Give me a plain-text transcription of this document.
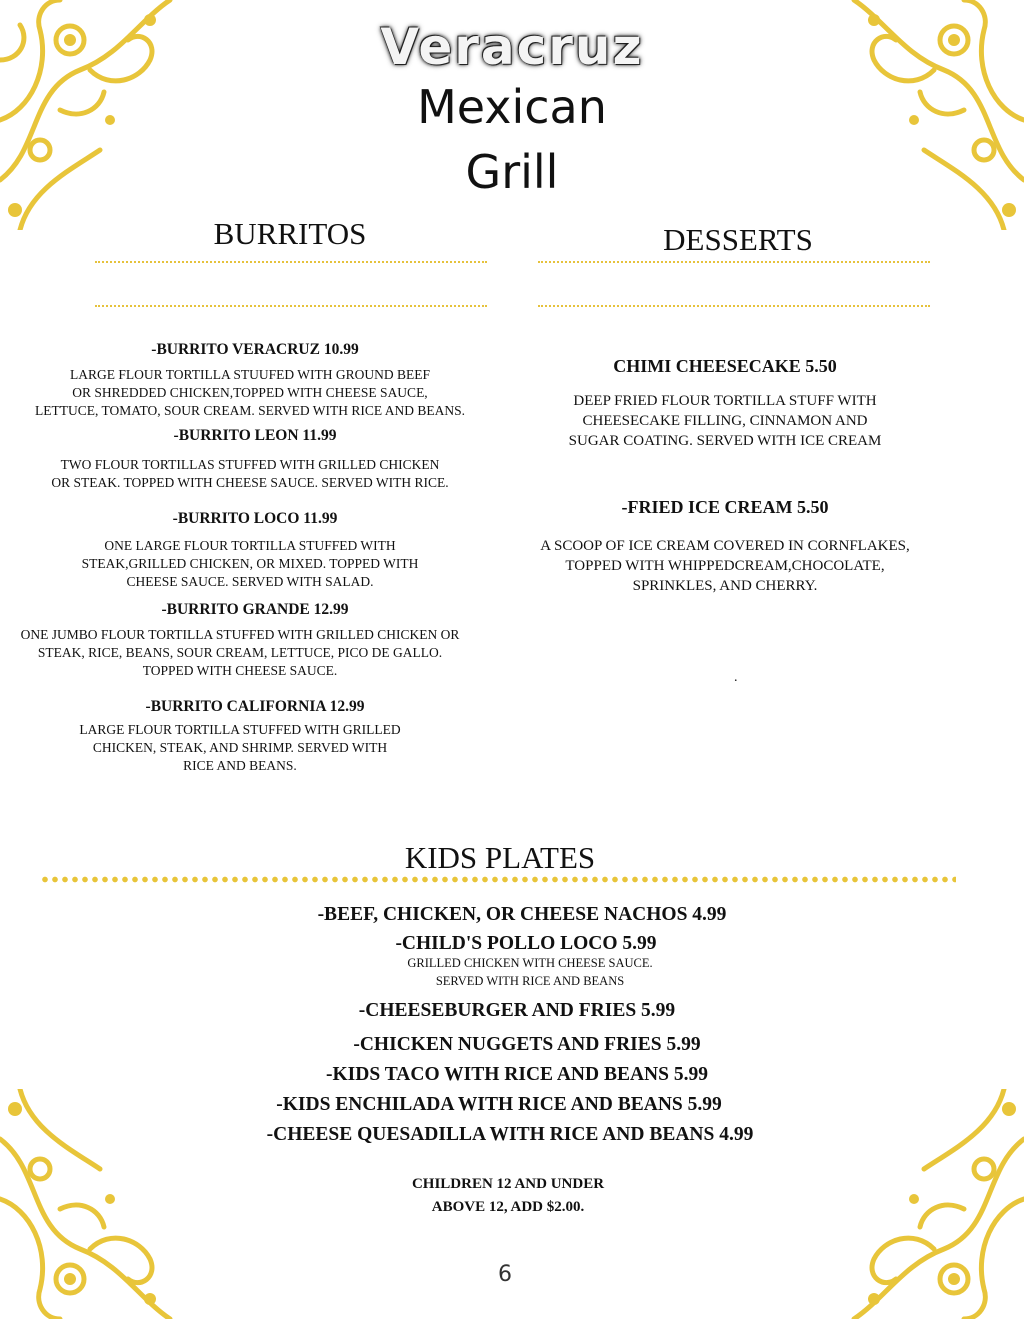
Veracruz
Mexican
Grill
BURRITOS
-BURRITO VERACRUZ 10.99
LARGE FLOUR TORTILLA STUUFED WITH GROUND BEEF
OR SHREDDED CHICKEN,TOPPED WITH CHEESE SAUCE,
LETTUCE, TOMATO, SOUR CREAM. SERVED WITH RICE AND BEANS.
-BURRITO LEON 11.99
TWO FLOUR TORTILLAS STUFFED WITH GRILLED CHICKEN
OR STEAK. TOPPED WITH CHEESE SAUCE. SERVED WITH RICE.
-BURRITO LOCO 11.99
ONE LARGE FLOUR TORTILLA STUFFED WITH
STEAK,GRILLED CHICKEN, OR MIXED. TOPPED WITH
CHEESE SAUCE. SERVED WITH SALAD.
-BURRITO GRANDE 12.99
ONE JUMBO FLOUR TORTILLA STUFFED WITH GRILLED CHICKEN OR
STEAK, RICE, BEANS, SOUR CREAM, LETTUCE, PICO DE GALLO.
TOPPED WITH CHEESE SAUCE.
-BURRITO CALIFORNIA 12.99
LARGE FLOUR TORTILLA STUFFED WITH GRILLED
CHICKEN, STEAK, AND SHRIMP. SERVED WITH
RICE AND BEANS.
DESSERTS
CHIMI CHEESECAKE 5.50
DEEP FRIED FLOUR TORTILLA STUFF WITH
CHEESECAKE FILLING, CINNAMON AND
SUGAR COATING. SERVED WITH ICE CREAM
-FRIED ICE CREAM 5.50
A SCOOP OF ICE CREAM COVERED IN CORNFLAKES,
TOPPED WITH WHIPPEDCREAM,CHOCOLATE,
SPRINKLES, AND CHERRY.
.
KIDS PLATES
-BEEF, CHICKEN, OR CHEESE NACHOS 4.99
-CHILD'S POLLO LOCO 5.99
GRILLED CHICKEN WITH CHEESE SAUCE.
SERVED WITH RICE AND BEANS
-CHEESEBURGER AND FRIES 5.99
-CHICKEN NUGGETS AND FRIES 5.99
-KIDS TACO WITH RICE AND BEANS 5.99
-KIDS ENCHILADA WITH RICE AND BEANS 5.99
-CHEESE QUESADILLA WITH RICE AND BEANS 4.99
CHILDREN 12 AND UNDER
ABOVE 12, ADD $2.00.
6
